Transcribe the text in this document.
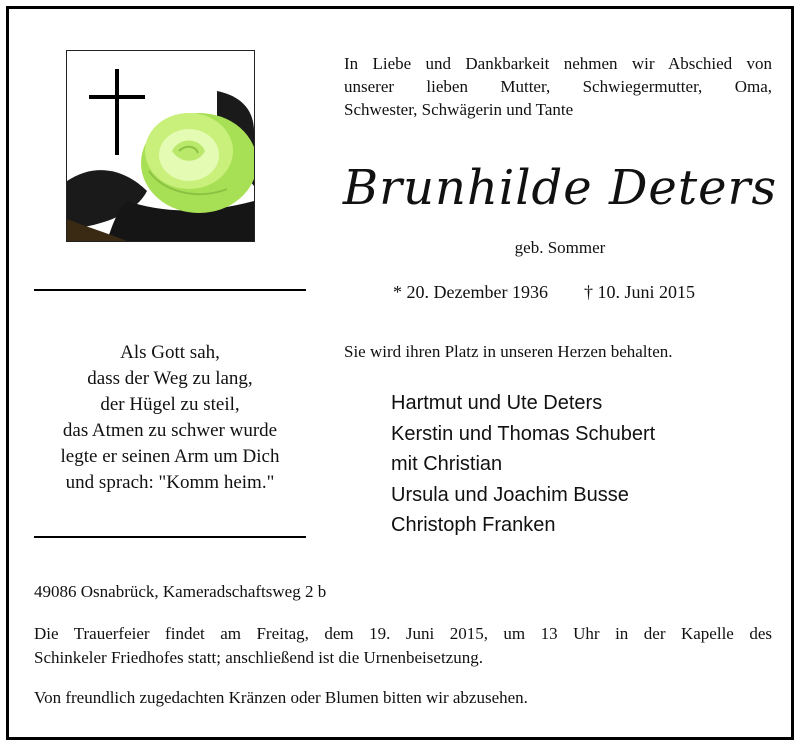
In Liebe und Dankbarkeit nehmen wir Abschied von
unserer lieben Mutter, Schwiegermutter, Oma,
Schwester, Schwägerin und Tante
Brunhilde Deters
geb. Sommer
* 20. Dezember 1936 † 10. Juni 2015
Als Gott sah,
dass der Weg zu lang,
der Hügel zu steil,
das Atmen zu schwer wurde
legte er seinen Arm um Dich
und sprach: "Komm heim."
Sie wird ihren Platz in unseren Herzen behalten.
Hartmut und Ute Deters
Kerstin und Thomas Schubert
mit Christian
Ursula und Joachim Busse
Christoph Franken
49086 Osnabrück, Kameradschaftsweg 2 b
Die Trauerfeier findet am Freitag, dem 19. Juni 2015, um 13 Uhr in der Kapelle des
Schinkeler Friedhofes statt; anschließend ist die Urnenbeisetzung.
Von freundlich zugedachten Kränzen oder Blumen bitten wir abzusehen.
